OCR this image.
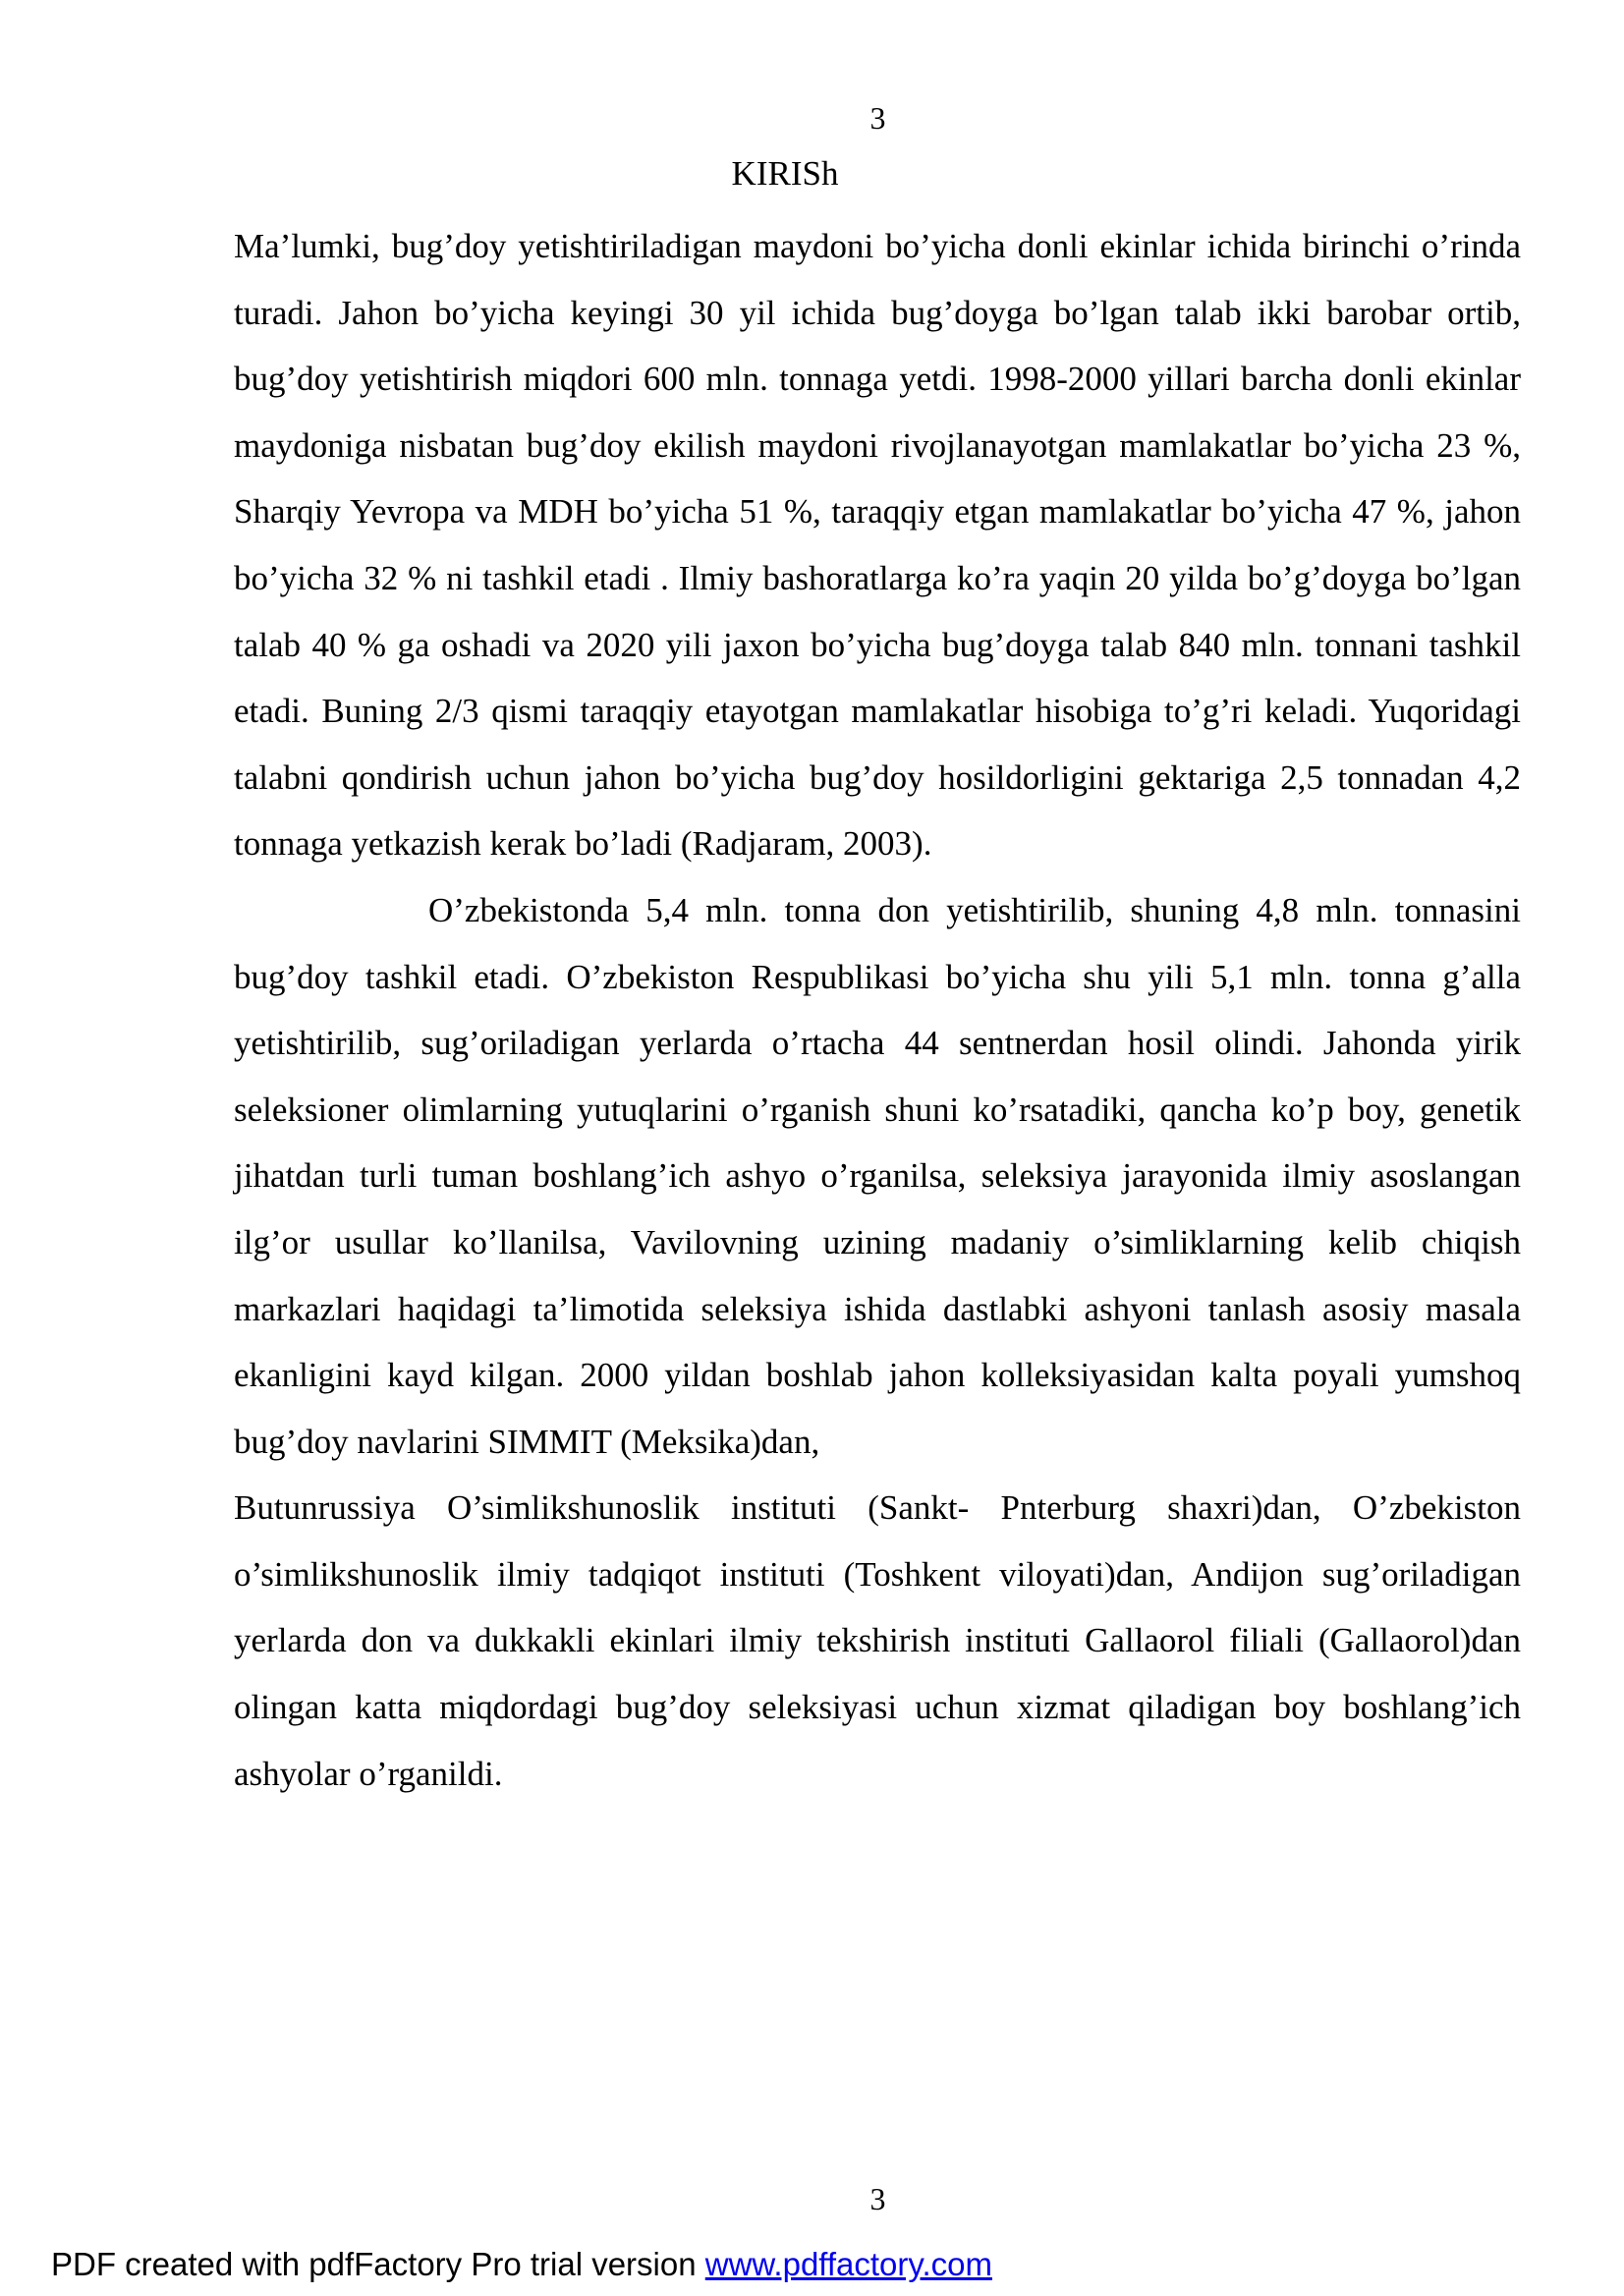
3
KIRISh

Ma’lumki, bug’doy yetishtiriladigan maydoni bo’yicha donli ekinlar ichida birinchi o’rinda turadi. Jahon bo’yicha keyingi 30 yil ichida bug’doyga bo’lgan talab ikki barobar ortib, bug’doy yetishtirish miqdori 600 mln. tonnaga yetdi. 1998-2000 yillari barcha donli ekinlar maydoniga nisbatan bug’doy ekilish maydoni rivojlanayotgan mamlakatlar bo’yicha 23 %, Sharqiy Yevropa va MDH bo’yicha 51 %, taraqqiy etgan mamlakatlar bo’yicha 47 %, jahon bo’yicha 32 % ni tashkil etadi . Ilmiy bashoratlarga ko’ra yaqin 20 yilda bo’g’doyga bo’lgan talab 40 % ga oshadi va 2020 yili jaxon bo’yicha bug’doyga talab 840 mln. tonnani tashkil etadi. Buning 2/3 qismi taraqqiy etayotgan mamlakatlar hisobiga to’g’ri keladi. Yuqoridagi talabni qondirish uchun jahon bo’yicha bug’doy hosildorligini gektariga 2,5 tonnadan 4,2 tonnaga yetkazish kerak bo’ladi (Radjaram, 2003).

O’zbekistonda 5,4 mln. tonna don yetishtirilib, shuning 4,8 mln. tonnasini bug’doy tashkil etadi. O’zbekiston Respublikasi bo’yicha shu yili 5,1 mln. tonna g’alla yetishtirilib, sug’oriladigan yerlarda o’rtacha 44 sentnerdan hosil olindi. Jahonda yirik seleksioner olimlarning yutuqlarini o’rganish shuni ko’rsatadiki, qancha ko’p boy, genetik jihatdan turli tuman boshlang’ich ashyo o’rganilsa, seleksiya jarayonida ilmiy asoslangan ilg’or usullar ko’llanilsa, Vavilovning uzining madaniy o’simliklarning kelib chiqish markazlari haqidagi ta’limotida seleksiya ishida dastlabki ashyoni tanlash asosiy masala ekanligini kayd kilgan. 2000 yildan boshlab jahon kolleksiyasidan kalta poyali yumshoq bug’doy navlarini SIMMIT (Meksika)dan,

Butunrussiya O’simlikshunoslik instituti (Sankt- Pnterburg shaxri)dan, O’zbekiston o’simlikshunoslik ilmiy tadqiqot instituti (Toshkent viloyati)dan, Andijon sug’oriladigan yerlarda don va dukkakli ekinlari ilmiy tekshirish instituti Gallaorol filiali (Gallaorol)dan olingan katta miqdordagi bug’doy seleksiyasi uchun xizmat qiladigan boy boshlang’ich ashyolar o’rganildi.

3
PDF created with pdfFactory Pro trial version www.pdffactory.com
